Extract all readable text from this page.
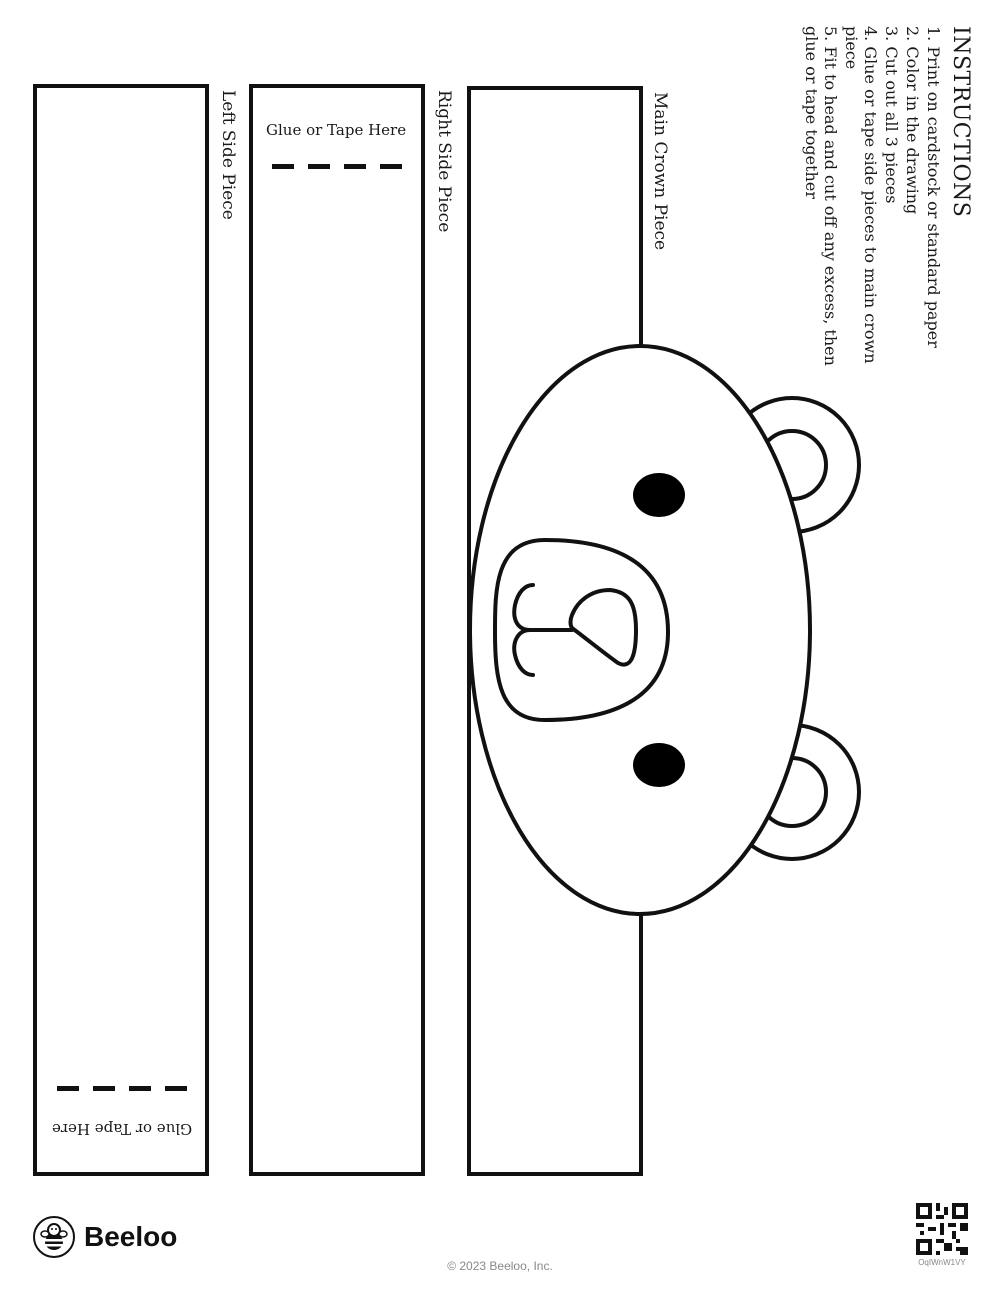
Left Side Piece	Right Side Piece	Main Crown Piece
Glue or Tape Here
Glue or Tape Here
INSTRUCTIONS
1. Print on cardstock or standard paper
2. Color in the drawing
3. Cut out all 3 pieces
4. Glue or tape side pieces to main crown piece
5. Fit to head and cut off any excess, then glue or tape together
Beeloo
© 2023 Beeloo, Inc.	OqIWnW1VY
